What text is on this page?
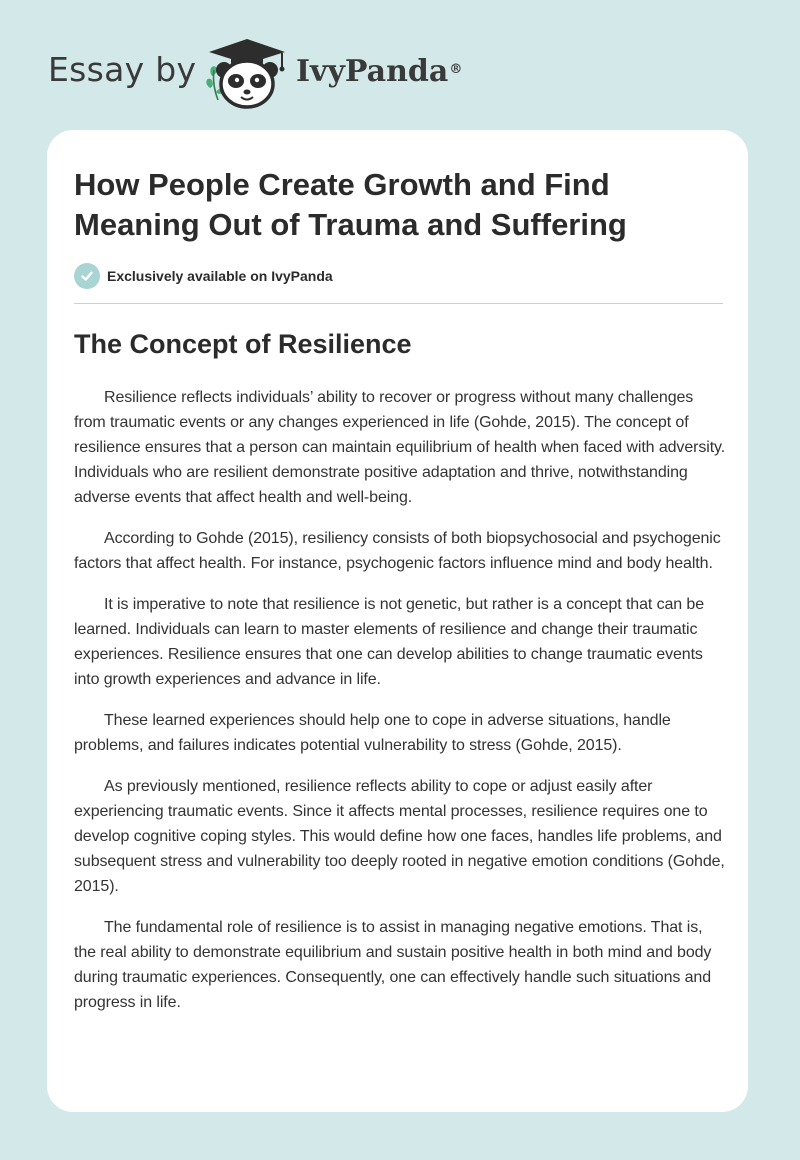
Essay by	IvyPanda®
How People Create Growth and Find Meaning Out of Trauma and Suffering
Exclusively available on IvyPanda
The Concept of Resilience

Resilience reflects individuals’ ability to recover or progress without many challenges from traumatic events or any changes experienced in life (Gohde, 2015). The concept of resilience ensures that a person can maintain equilibrium of health when faced with adversity. Individuals who are resilient demonstrate positive adaptation and thrive, notwithstanding adverse events that affect health and well-being.

According to Gohde (2015), resiliency consists of both biopsychosocial and psychogenic factors that affect health. For instance, psychogenic factors influence mind and body health.

It is imperative to note that resilience is not genetic, but rather is a concept that can be learned. Individuals can learn to master elements of resilience and change their traumatic experiences. Resilience ensures that one can develop abilities to change traumatic events into growth experiences and advance in life.

These learned experiences should help one to cope in adverse situations, handle problems, and failures indicates potential vulnerability to stress (Gohde, 2015).

As previously mentioned, resilience reflects ability to cope or adjust easily after experiencing traumatic events. Since it affects mental processes, resilience requires one to develop cognitive coping styles. This would define how one faces, handles life problems, and subsequent stress and vulnerability too deeply rooted in negative emotion conditions (Gohde, 2015).

The fundamental role of resilience is to assist in managing negative emotions. That is, the real ability to demonstrate equilibrium and sustain positive health in both mind and body during traumatic experiences. Consequently, one can effectively handle such situations and progress in life.
